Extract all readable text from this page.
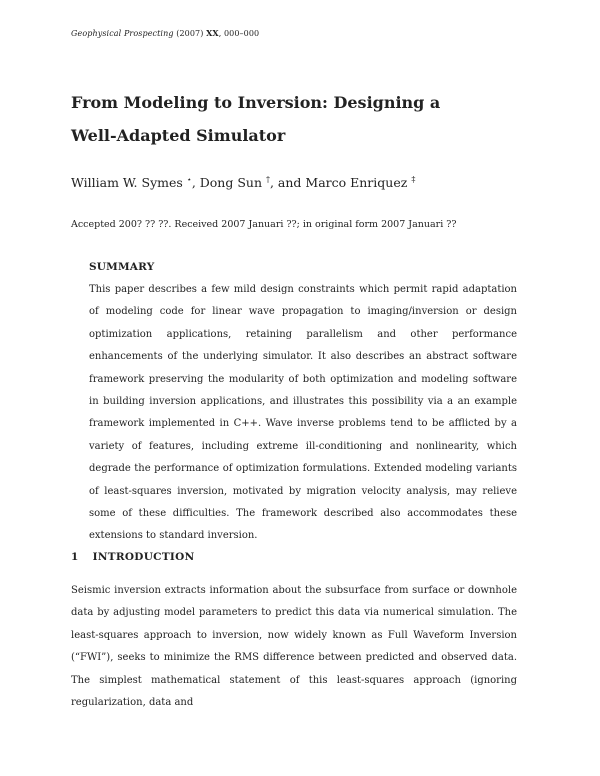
Geophysical Prospecting (2007) XX, 000–000
From Modeling to Inversion: Designing a
Well-Adapted Simulator
William W. Symes ⋆, Dong Sun †, and Marco Enriquez ‡
Accepted 200? ?? ??. Received 2007 Januari ??; in original form 2007 Januari ??
SUMMARY

This paper describes a few mild design constraints which permit rapid adaptation of modeling code for linear wave propagation to imaging/inversion or design optimization applications, retaining parallelism and other performance enhancements of the underlying simulator. It also describes an abstract software framework preserving the modularity of both optimization and modeling software in building inversion applications, and illustrates this possibility via a an example framework implemented in C++. Wave inverse problems tend to be afflicted by a variety of features, including extreme ill-conditioning and nonlinearity, which degrade the performance of optimization formulations. Extended modeling variants of least-squares inversion, motivated by migration velocity analysis, may relieve some of these difficulties. The framework described also accommodates these extensions to standard inversion.

1 INTRODUCTION

Seismic inversion extracts information about the subsurface from surface or downhole data by adjusting model parameters to predict this data via numerical simulation. The least-squares approach to inversion, now widely known as Full Waveform Inversion (“FWI”), seeks to minimize the RMS difference between predicted and observed data. The simplest mathematical statement of this least-squares approach (ignoring regularization, data and
